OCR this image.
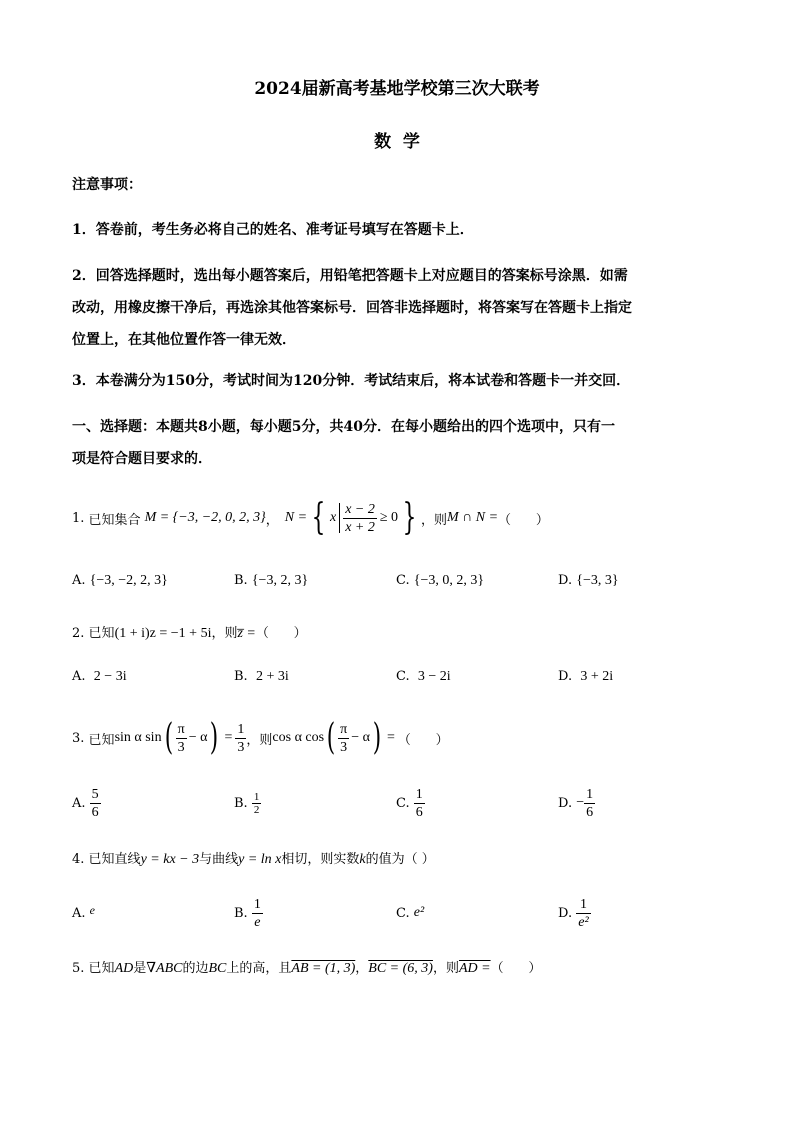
2024届新高考基地学校第三次大联考
数  学
注意事项：
1．答卷前，考生务必将自己的姓名、准考证号填写在答题卡上．
2．回答选择题时，选出每小题答案后，用铅笔把答题卡上对应题目的答案标号涂黑．如需
改动，用橡皮擦干净后，再选涂其他答案标号．回答非选择题时，将答案写在答题卡上指定
位置上，在其他位置作答一律无效．
3．本卷满分为150分，考试时间为120分钟．考试结束后，将本试卷和答题卡一并交回．
一、选择题：本题共8小题，每小题5分，共40分．在每小题给出的四个选项中，只有一
项是符合题目要求的．
1.
已知集合 M = {−3, −2, 0, 2, 3} ， N = { x $\frac{x - 2}{x + 2} \ge 0$ } ，则 M ∩ N = （      ）
A. {−3, −2, 2, 3}	B. {−3, 2, 3}	C. {−3, 0, 2, 3}	D. {−3, 3}
2. 已知(1 + i)z = −1 + 5i，则z̅ =（      ）
A. 2 − 3i	B. 2 + 3i	C. 3 − 2i	D. 3 + 2i
3.
已知 sin α sin ( $\frac{\pi}{3} - \alpha$ ) = $\frac{1}{3}$ ，则 cos α cos ( $\frac{\pi}{3} - \alpha$ ) = （      ）
A.
$\frac{5}{6}$	B.
$\frac{1}{2}$	C.
$\frac{1}{6}$	D.
− $\frac{1}{6}$
4. 已知直线y = kx − 3与曲线y = ln x相切，则实数k的值为（ ）
A.
e	B.
$\frac{1}{e}$	C.
e²	D.
$\frac{1}{\text{e²}}$
5. 已知AD是∇ABC的边BC上的高，且AB = (1, 3)，BC = (6, 3)，则AD =（      ）
